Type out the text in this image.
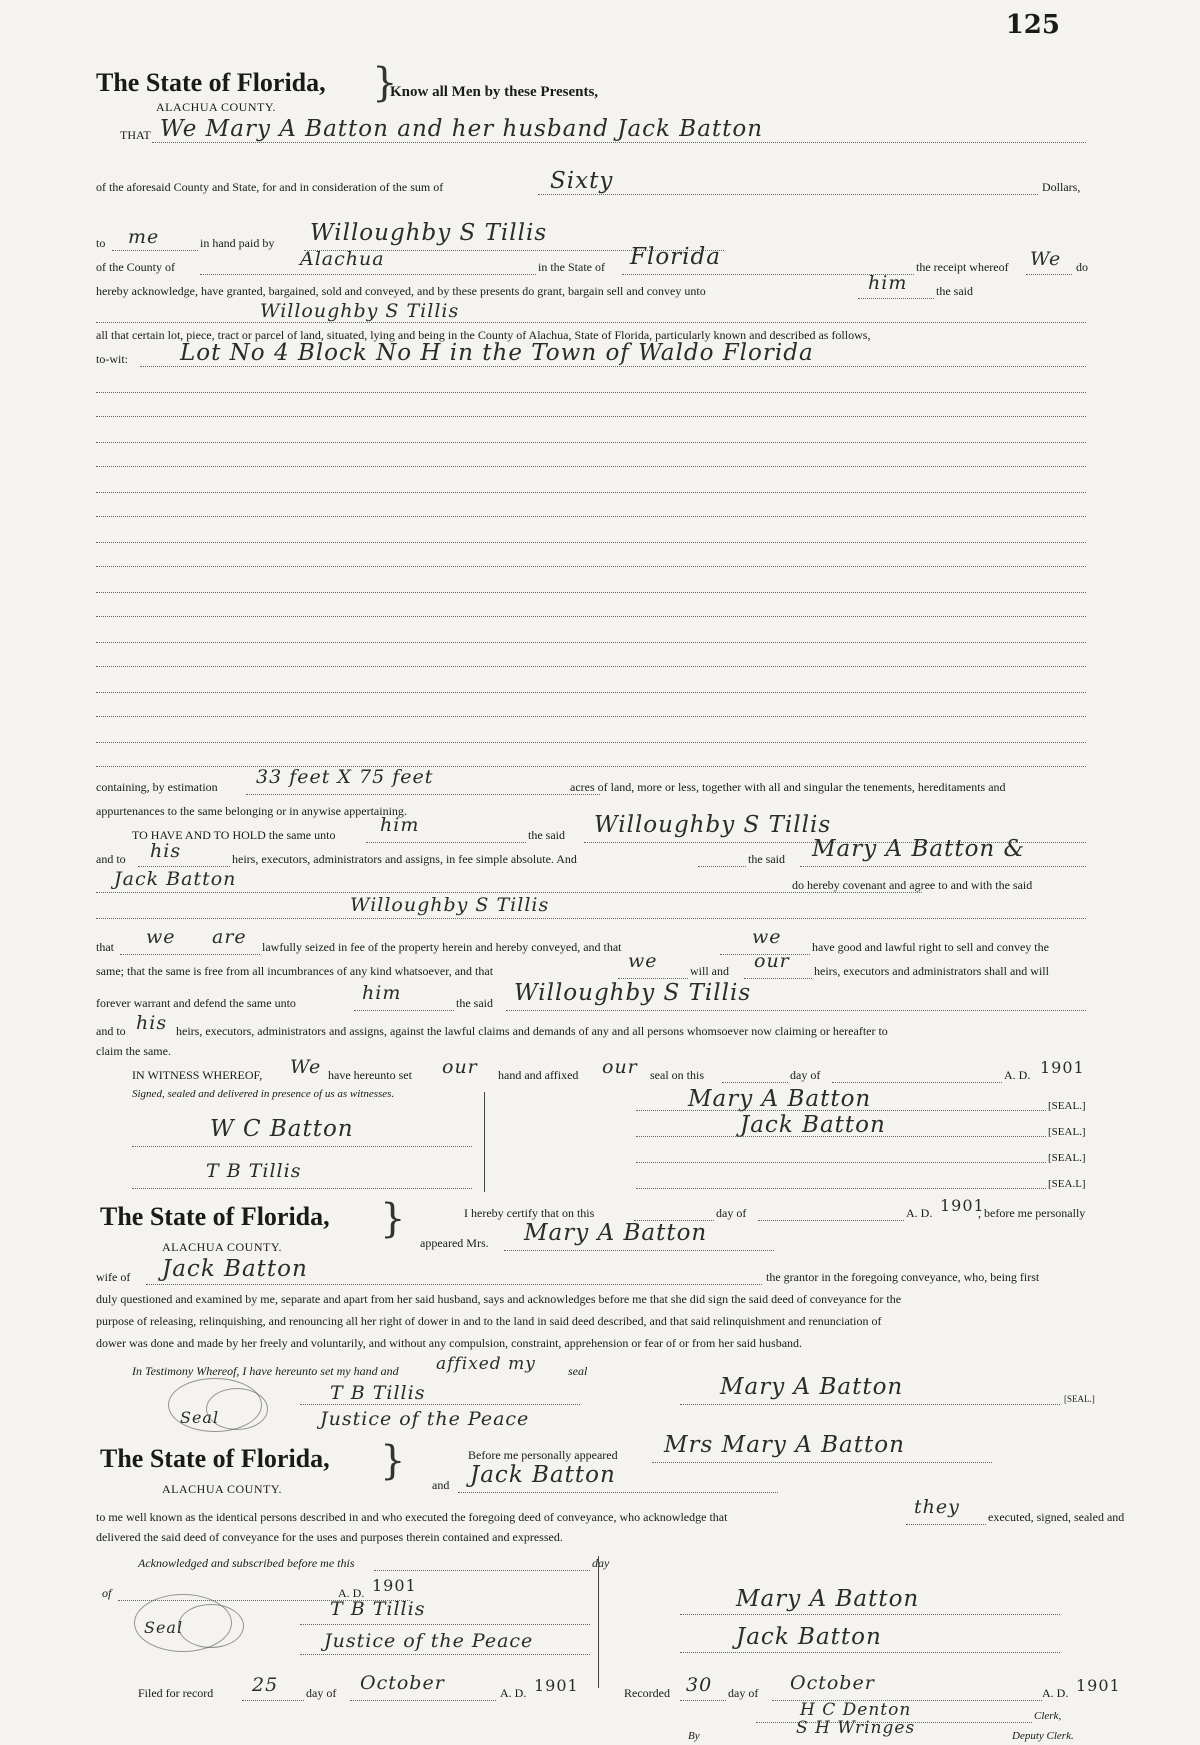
125
The State of Florida,
ALACHUA COUNTY.
}
Know all Men by these Presents,
THAT We Mary A Batton and her husband Jack Batton
of the aforesaid County and State, for and in consideration of the sum of	Sixty	Dollars,
to me	in hand paid by Willoughby S Tillis
of the County of	Alachua	in the State of Florida	the receipt whereof We do
hereby acknowledge, have granted, bargained, sold and conveyed, and by these presents do grant, bargain sell and convey unto	him the said
Willoughby S Tillis
all that certain lot, piece, tract or parcel of land, situated, lying and being in the County of Alachua, State of Florida, particularly known and described as follows,
to-wit: Lot No 4 Block No H in the Town of Waldo Florida
containing, by estimation 33 feet X 75 feet	acres of land, more or less, together with all and singular the tenements, hereditaments and
appurtenances to the same belonging or in anywise appertaining.
TO HAVE AND TO HOLD the same unto him	the said Willoughby S Tillis
and to his	heirs, executors, administrators and assigns, in fee simple absolute. And	the said Mary A Batton &
Jack Batton	do hereby covenant and agree to and with the said
Willoughby S Tillis
that we are lawfully seized in fee of the property herein and hereby conveyed, and that	we	have good and lawful right to sell and convey the
same; that the same is free from all incumbrances of any kind whatsoever, and that	we	will and our heirs, executors and administrators shall and will
forever warrant and defend the same unto	him	the said Willoughby S Tillis
and to his heirs, executors, administrators and assigns, against the lawful claims and demands of any and all persons whomsoever now claiming or hereafter to
claim the same.
IN WITNESS WHEREOF, We have hereunto set our hand and affixed our seal on this	day of	A. D. 1901
Signed, sealed and delivered in presence of us as witnesses.
W C Batton
T B Tillis
Mary A Batton	[SEAL.]
Jack Batton	[SEAL.]
[SEAL.]
[SEA.L]
The State of Florida,
ALACHUA COUNTY.
}	I hereby certify that on this	day of	A. D. 1901
, before me personally
appeared Mrs. Mary A Batton
wife of Jack Batton	the grantor in the foregoing conveyance, who, being first
duly questioned and examined by me, separate and apart from her said husband, says and acknowledges before me that she did sign the said deed of conveyance for the
purpose of releasing, relinquishing, and renouncing all her right of dower in and to the land in said deed described, and that said relinquishment and renunciation of
dower was done and made by her freely and voluntarily, and without any compulsion, constraint, apprehension or fear of or from her said husband.
In Testimony Whereof, I have hereunto set my hand and affixed my	seal
Seal
T B Tillis
Justice of the Peace
Mary A Batton	[SEAL.]
The State of Florida,
ALACHUA COUNTY.
}	Before me personally appeared Mrs Mary A Batton
and Jack Batton
to me well known as the identical persons described in and who executed the foregoing deed of conveyance, who acknowledge that	they executed, signed, sealed and
delivered the said deed of conveyance for the uses and purposes therein contained and expressed.
Acknowledged and subscribed before me this	day
of	A. D. 1901
Seal
T B Tillis
Justice of the Peace
Mary A Batton
Jack Batton
Filed for record 25 day of October	A. D. 1901	Recorded 30 day of October	A. D. 1901
H C Denton	Clerk,
By	S H Wringes	Deputy Clerk.
